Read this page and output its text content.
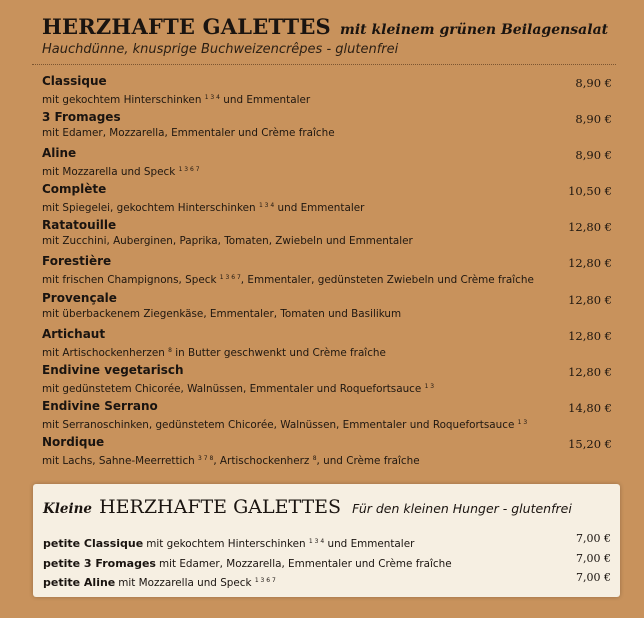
HERZHAFTE GALETTES mit kleinem grünen Beilagensalat
Hauchdünne, knusprige Buchweizencrêpes - glutenfrei
Classique	8,90 €
mit gekochtem Hinterschinken $^{1 3 4}$ und Emmentaler
3 Fromages	8,90 €
mit Edamer, Mozzarella, Emmentaler und Crème fraîche
Aline	8,90 €
mit Mozzarella und Speck $^{1 3 6 7}$
Complète	10,50 €
mit Spiegelei, gekochtem Hinterschinken $^{1 3 4}$ und Emmentaler
Ratatouille	12,80 €
mit Zucchini, Auberginen, Paprika, Tomaten, Zwiebeln und Emmentaler
Forestière	12,80 €
mit frischen Champignons, Speck $^{1 3 6 7}$, Emmentaler, gedünsteten Zwiebeln und Crème fraîche
Provençale	12,80 €
mit überbackenem Ziegenkäse, Emmentaler, Tomaten und Basilikum
Artichaut	12,80 €
mit Artischockenherzen $^8$ in Butter geschwenkt und Crème fraîche
Endivine vegetarisch	12,80 €
mit gedünstetem Chicorée, Walnüssen, Emmentaler und Roquefortsauce $^{1 3}$
Endivine Serrano	14,80 €
mit Serranoschinken, gedünstetem Chicorée, Walnüssen, Emmentaler und Roquefortsauce $^{1 3}$
Nordique	15,20 €
mit Lachs, Sahne-Meerrettich $^{3 7 8}$, Artischockenherz $^8$, und Crème fraîche
Kleine HERZHAFTE GALETTES Für den kleinen Hunger - glutenfrei
petite Classique mit gekochtem Hinterschinken $^{1 3 4}$ und Emmentaler	7,00 €
petite 3 Fromages mit Edamer, Mozzarella, Emmentaler und Crème fraîche	7,00 €
petite Aline mit Mozzarella und Speck $^{1 3 6 7}$	7,00 €
